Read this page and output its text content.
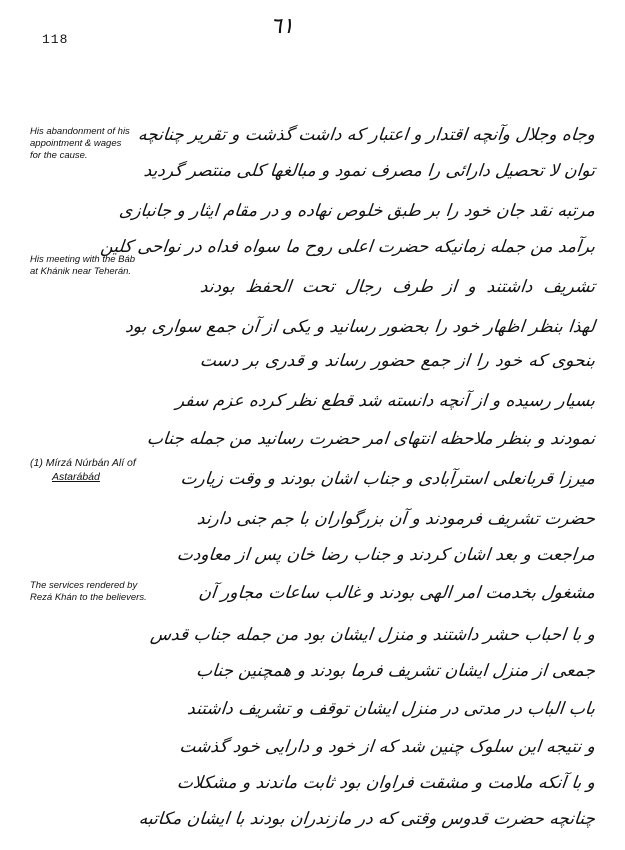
٦١
118
His abandonment of his
appointment & wages
for the cause.
His meeting with the Báb
at Khánik near Teherán.
(1) Mírzá Núrbán Alí of
Astarábád
The services rendered by
Rezá Khán to the believers.
وجاه وجلال وآنچه اقتدار و اعتبار که داشت گذشت و تقریر چنانچه
توان لا تحصیل دارائی را مصرف نمود و مبالغها کلی منتصر گردید
مرتبه نقد جان خود را بر طبق خلوص نهاده و در مقام ایثار و جانبازی
برآمد من جمله زمانیکه حضرت اعلی روح ما سواه فداه در نواحی کلین
تشریف داشتند و از طرف رجال تحت الحفظ بودند
لهذا بنظر اظهار خود را بحضور رسانید و یکی از آن جمع سواری بود
بنحوی که خود را از جمع حضور رساند و قدری بر دست
بسیار رسیده و از آنچه دانسته شد قطع نظر کرده عزم سفر
نمودند و بنظر ملاحظه انتهای امر حضرت رسانید من جمله جناب
میرزا قربانعلی استرآبادی و جناب اشان بودند و وقت زیارت
حضرت تشریف فرمودند و آن بزرگواران با جم جنی دارند
مراجعت و بعد اشان کردند و جناب رضا خان پس از معاودت
مشغول بخدمت امر الهی بودند و غالب ساعات مجاور آن
و با احباب حشر داشتند و منزل ایشان بود من جمله جناب قدس
جمعی از منزل ایشان تشریف فرما بودند و همچنین جناب
باب الباب در مدتی در منزل ایشان توقف و تشریف داشتند
و نتیجه این سلوک چنین شد که از خود و دارایی خود گذشت
و با آنکه ملامت و مشقت فراوان بود ثابت ماندند و مشکلات
چنانچه حضرت قدوس وقتی که در مازندران بودند با ایشان مکاتبه
